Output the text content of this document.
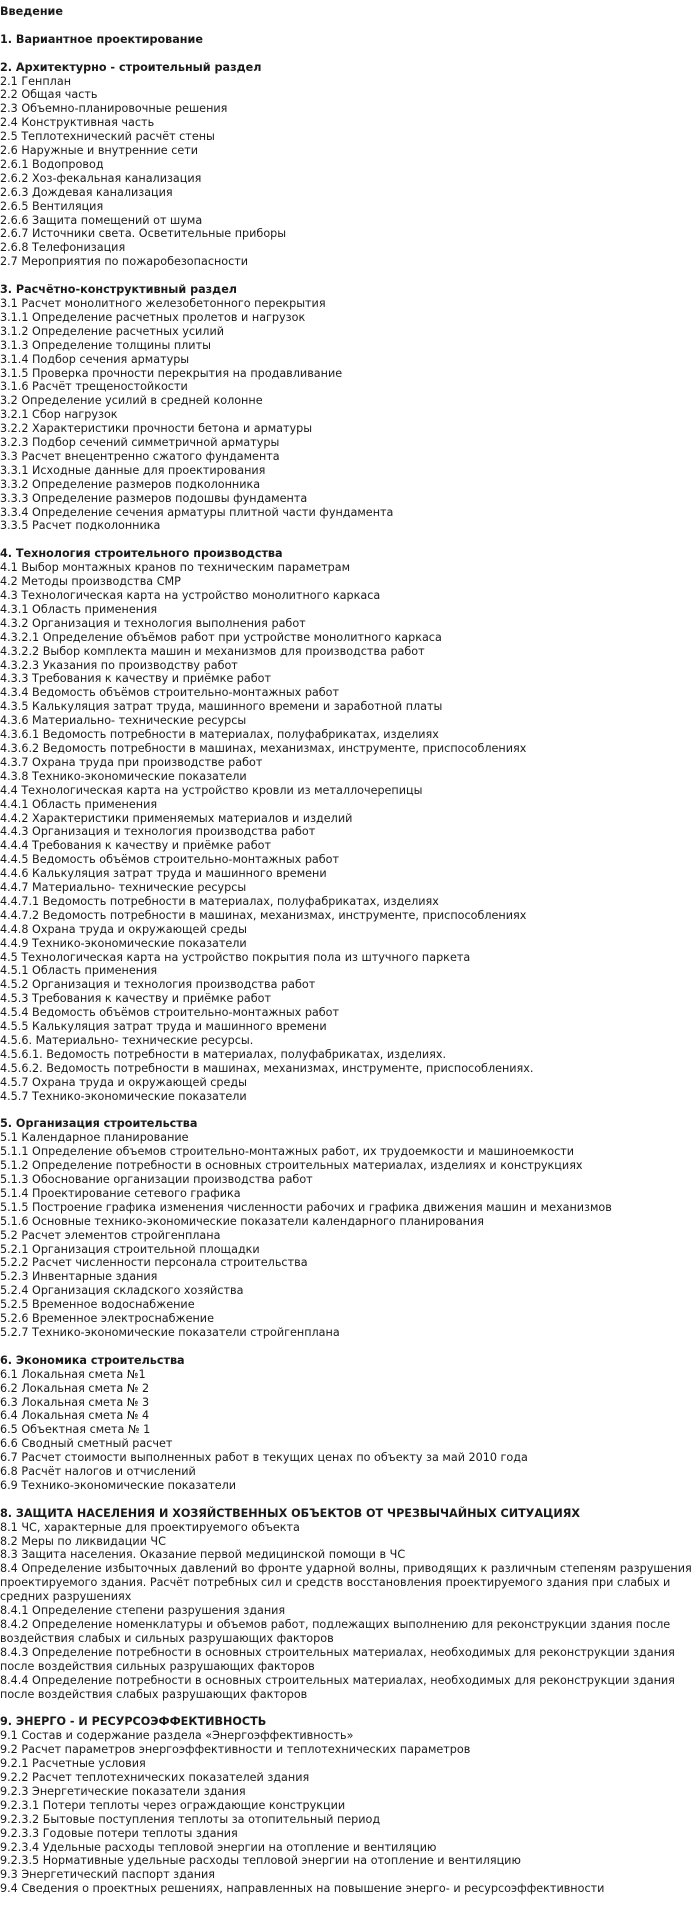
Введение
1. Вариантное проектирование
2. Архитектурно - строительный раздел
2.1 Генплан
2.2 Общая часть
2.3 Объемно-планировочные решения
2.4 Конструктивная часть
2.5 Теплотехнический расчёт стены
2.6 Наружные и внутренние сети
2.6.1 Водопровод
2.6.2 Хоз-фекальная канализация
2.6.3 Дождевая канализация
2.6.5 Вентиляция
2.6.6 Защита помещений от шума
2.6.7 Источники света. Осветительные приборы
2.6.8 Телефонизация
2.7 Мероприятия по пожаробезопасности
3. Расчётно-конструктивный раздел
3.1 Расчет монолитного железобетонного перекрытия
3.1.1 Определение расчетных пролетов и нагрузок
3.1.2 Определение расчетных усилий
3.1.3 Определение толщины плиты
3.1.4 Подбор сечения арматуры
3.1.5 Проверка прочности перекрытия на продавливание
3.1.6 Расчёт трещеностойкости
3.2 Определение усилий в средней колонне
3.2.1 Сбор нагрузок
3.2.2 Характеристики прочности бетона и арматуры
3.2.3 Подбор сечений симметричной арматуры
3.3 Расчет внецентренно сжатого фундамента
3.3.1 Исходные данные для проектирования
3.3.2 Определение размеров подколонника
3.3.3 Определение размеров подошвы фундамента
3.3.4 Определение сечения арматуры плитной части фундамента
3.3.5 Расчет подколонника
4. Технология строительного производства
4.1 Выбор монтажных кранов по техническим параметрам
4.2 Методы производства СМР
4.3 Технологическая карта на устройство монолитного каркаса
4.3.1 Область применения
4.3.2 Организация и технология выполнения работ
4.3.2.1 Определение объёмов работ при устройстве монолитного каркаса
4.3.2.2 Выбор комплекта машин и механизмов для производства работ
4.3.2.3 Указания по производству работ
4.3.3 Требования к качеству и приёмке работ
4.3.4 Ведомость объёмов строительно-монтажных работ
4.3.5 Калькуляция затрат труда, машинного времени и заработной платы
4.3.6 Материально- технические ресурсы
4.3.6.1 Ведомость потребности в материалах, полуфабрикатах, изделиях
4.3.6.2 Ведомость потребности в машинах, механизмах, инструменте, приспособлениях
4.3.7 Охрана труда при производстве работ
4.3.8 Технико-экономические показатели
4.4 Технологическая карта на устройство кровли из металлочерепицы
4.4.1 Область применения
4.4.2 Характеристики применяемых материалов и изделий
4.4.3 Организация и технология производства работ
4.4.4 Требования к качеству и приёмке работ
4.4.5 Ведомость объёмов строительно-монтажных работ
4.4.6 Калькуляция затрат труда и машинного времени
4.4.7 Материально- технические ресурсы
4.4.7.1 Ведомость потребности в материалах, полуфабрикатах, изделиях
4.4.7.2 Ведомость потребности в машинах, механизмах, инструменте, приспособлениях
4.4.8 Охрана труда и окружающей среды
4.4.9 Технико-экономические показатели
4.5 Технологическая карта на устройство покрытия пола из штучного паркета
4.5.1 Область применения
4.5.2 Организация и технология производства работ
4.5.3 Требования к качеству и приёмке работ
4.5.4 Ведомость объёмов строительно-монтажных работ
4.5.5 Калькуляция затрат труда и машинного времени
4.5.6. Материально- технические ресурсы.
4.5.6.1. Ведомость потребности в материалах, полуфабрикатах, изделиях.
4.5.6.2. Ведомость потребности в машинах, механизмах, инструменте, приспособлениях.
4.5.7 Охрана труда и окружающей среды
4.5.7 Технико-экономические показатели
5. Организация строительства
5.1 Календарное планирование
5.1.1 Определение объемов строительно-монтажных работ, их трудоемкости и машиноемкости
5.1.2 Определение потребности в основных строительных материалах, изделиях и конструкциях
5.1.3 Обоснование организации производства работ
5.1.4 Проектирование сетевого графика
5.1.5 Построение графика изменения численности рабочих и графика движения машин и механизмов
5.1.6 Основные технико-экономические показатели календарного планирования
5.2 Расчет элементов стройгенплана
5.2.1 Организация строительной площадки
5.2.2 Расчет численности персонала строительства
5.2.3 Инвентарные здания
5.2.4 Организация складского хозяйства
5.2.5 Временное водоснабжение
5.2.6 Временное электроснабжение
5.2.7 Технико-экономические показатели стройгенплана
6. Экономика строительства
6.1 Локальная смета №1
6.2 Локальная смета № 2
6.3 Локальная смета № 3
6.4 Локальная смета № 4
6.5 Объектная смета № 1
6.6 Сводный сметный расчет
6.7 Расчет стоимости выполненных работ в текущих ценах по объекту за май 2010 года
6.8 Расчёт налогов и отчислений
6.9 Технико-экономические показатели
8. ЗАЩИТА НАСЕЛЕНИЯ И ХОЗЯЙСТВЕННЫХ ОБЪЕКТОВ ОТ ЧРЕЗВЫЧАЙНЫХ СИТУАЦИЯХ
8.1 ЧС, характерные для проектируемого объекта
8.2 Меры по ликвидации ЧС
8.3 Защита населения. Оказание первой медицинской помощи в ЧС
8.4 Определение избыточных давлений во фронте ударной волны, приводящих к различным степеням разрушения проектируемого здания. Расчёт потребных сил и средств восстановления проектируемого здания при слабых и средних разрушениях
8.4.1 Определение степени разрушения здания
8.4.2 Определение номенклатуры и объемов работ, подлежащих выполнению для реконструкции здания после воздействия слабых и сильных разрушающих факторов
8.4.3 Определение потребности в основных строительных материалах, необходимых для реконструкции здания после воздействия сильных разрушающих факторов
8.4.4 Определение потребности в основных строительных материалах, необходимых для реконструкции здания после воздействия слабых разрушающих факторов
9. ЭНЕРГО - И РЕСУРСОЭФФЕКТИВНОСТЬ
9.1 Состав и содержание раздела «Энергоэффективность»
9.2 Расчет параметров энергоэффективности и теплотехнических параметров
9.2.1 Расчетные условия
9.2.2 Расчет теплотехнических показателей здания
9.2.3 Энергетические показатели здания
9.2.3.1 Потери теплоты через ограждающие конструкции
9.2.3.2 Бытовые поступления теплоты за отопительный период
9.2.3.3 Годовые потери теплоты здания
9.2.3.4 Удельные расходы тепловой энергии на отопление и вентиляцию
9.2.3.5 Нормативные удельные расходы тепловой энергии на отопление и вентиляцию
9.3 Энергетический паспорт здания
9.4 Сведения о проектных решениях, направленных на повышение энерго- и ресурсоэффективности
